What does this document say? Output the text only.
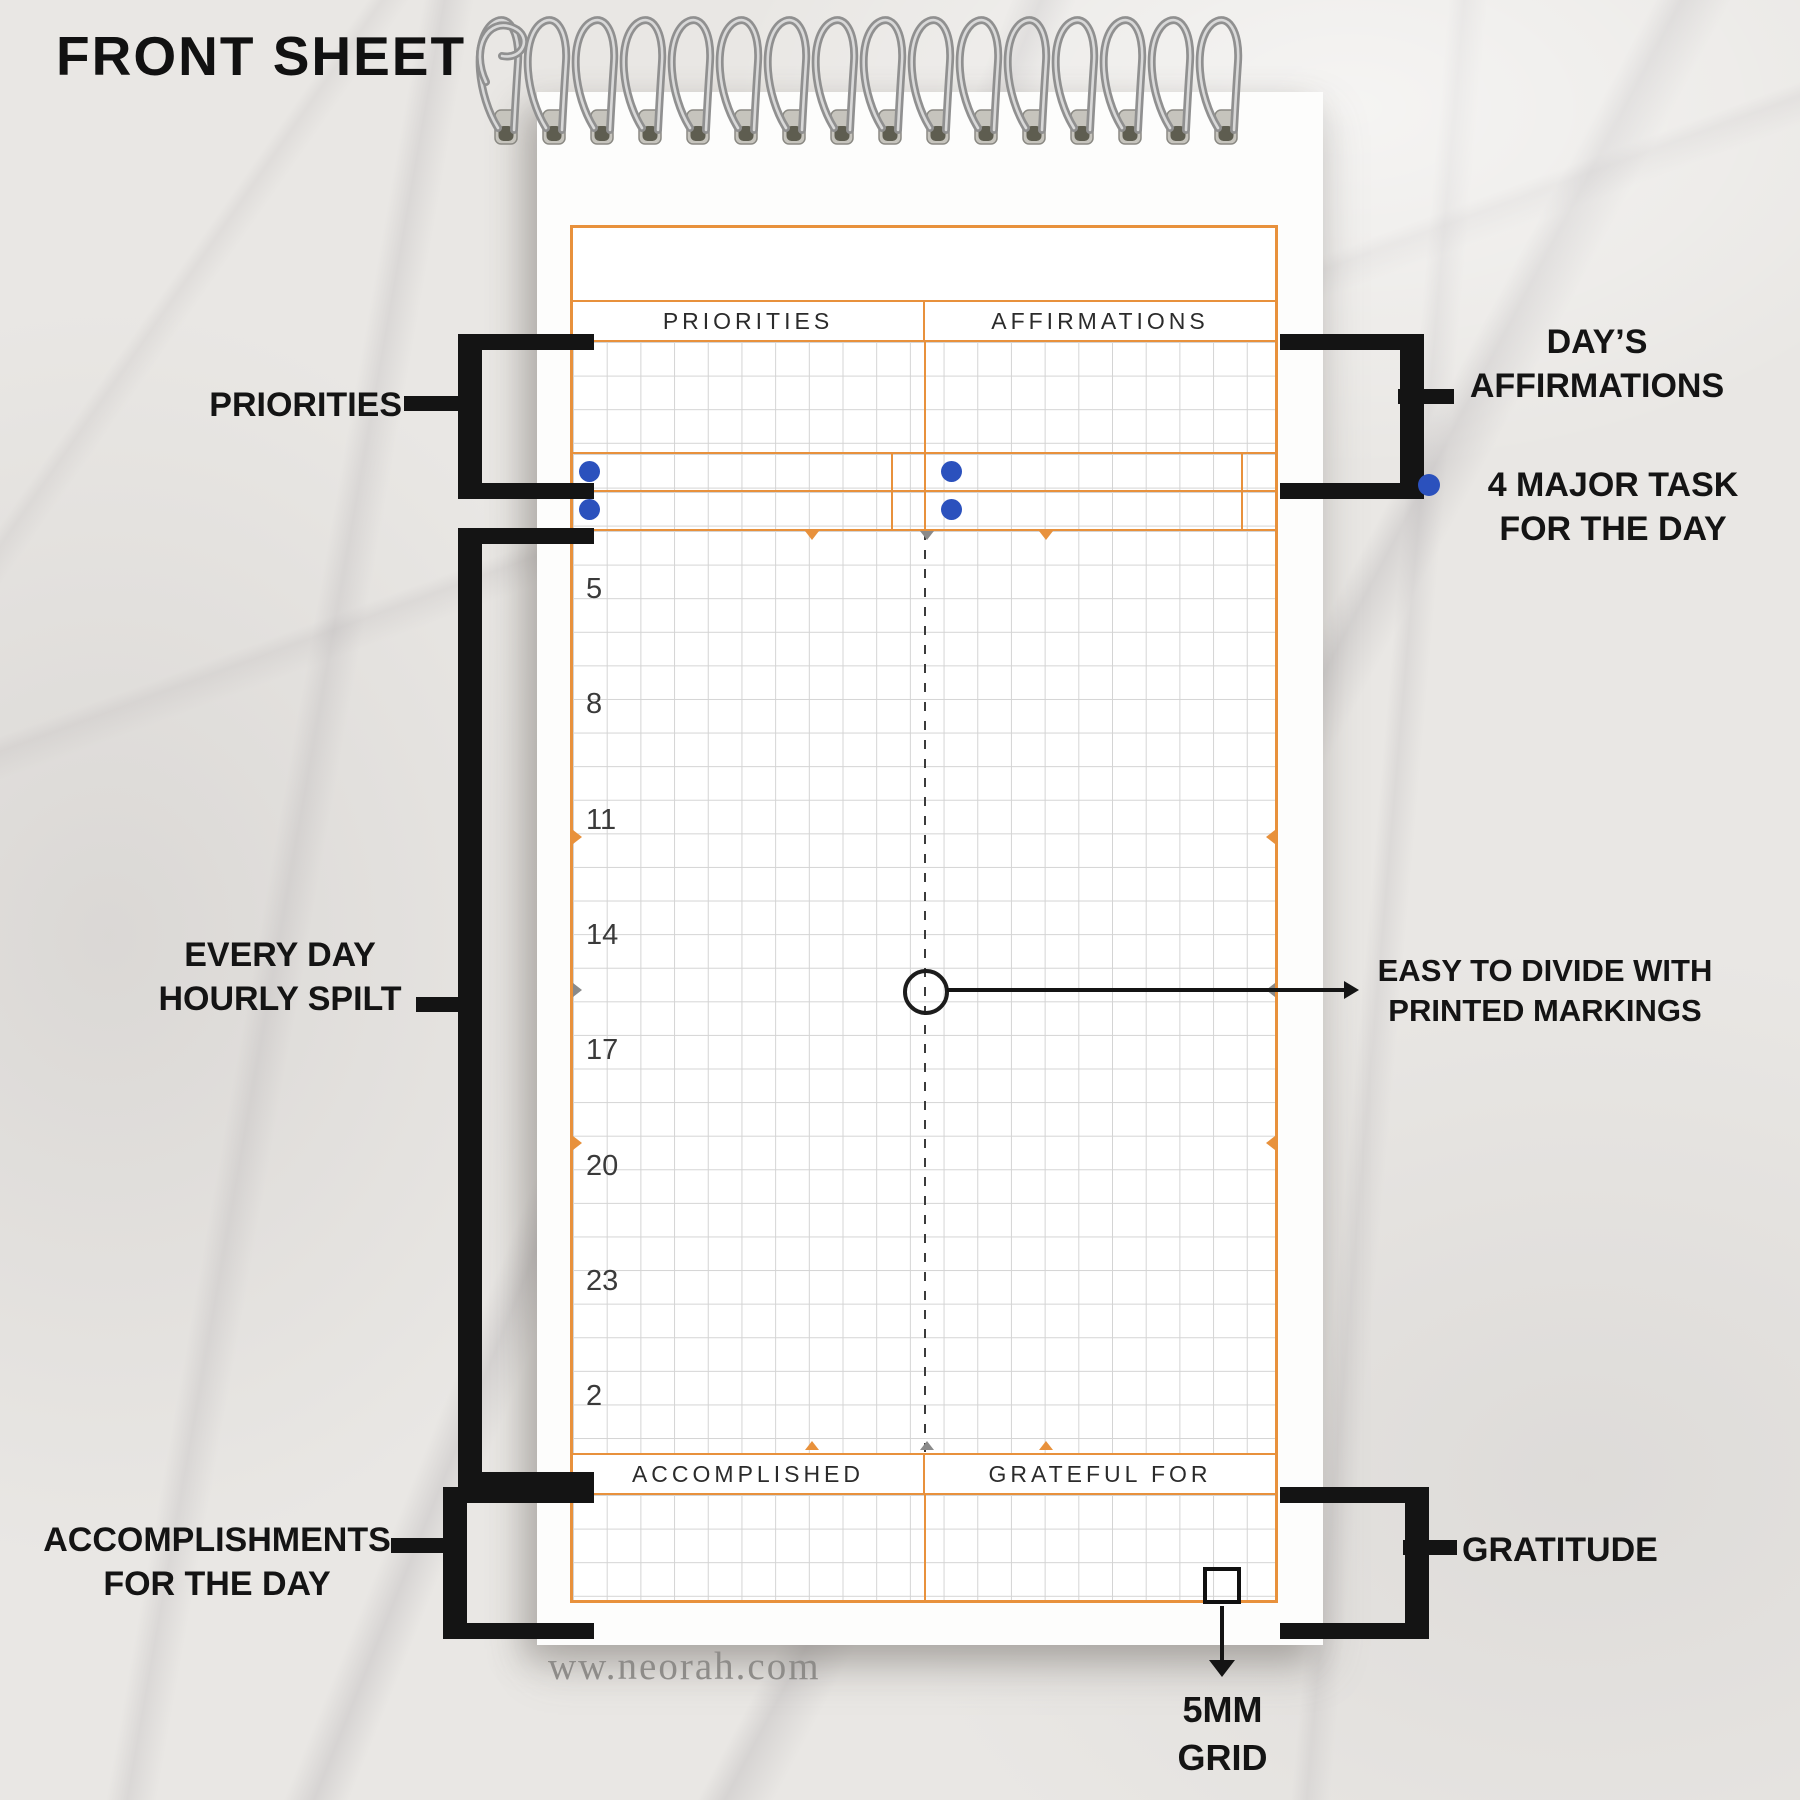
FRONT SHEET
PRIORITIES	AFFIRMATIONS
5
8
11
14
17
20
23
2
ACCOMPLISHED	GRATEFUL FOR
PRIORITIES
DAY’S
AFFIRMATIONS
4 MAJOR TASK
FOR THE DAY
EVERY DAY
HOURLY SPILT
EASY TO DIVIDE WITH
PRINTED MARKINGS
ACCOMPLISHMENTS
FOR THE DAY
GRATITUDE
5MM
GRID
ww.neorah.com
